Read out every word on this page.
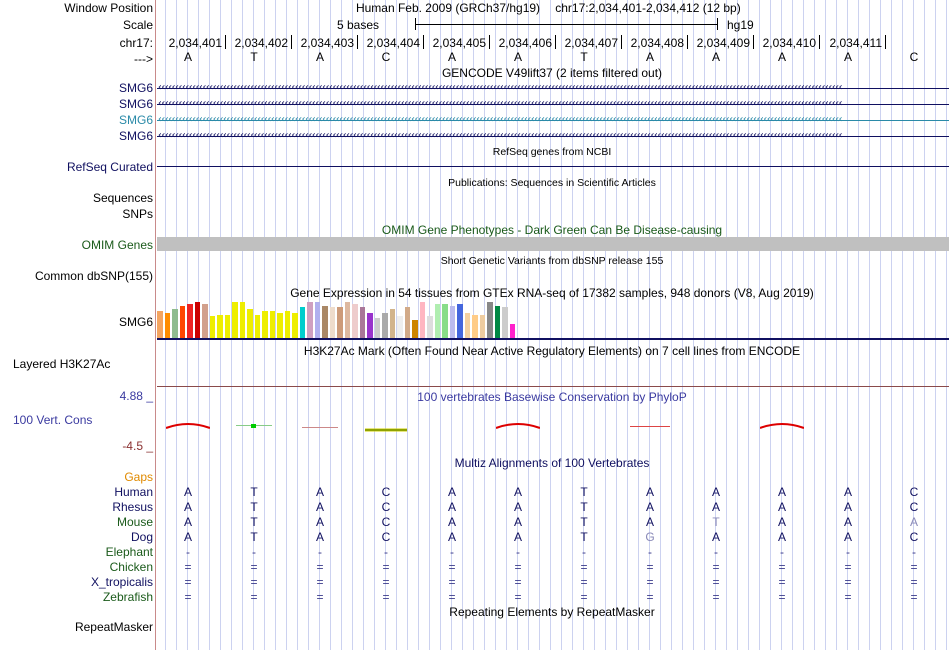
Window Position	Human Feb. 2009 (GRCh37/hg19) chr17:2,034,401-2,034,412 (12 bp)
Scale	5 bases	hg19
chr17:	2,034,401	2,034,402	2,034,403	2,034,404	2,034,405	2,034,406	2,034,407	2,034,408	2,034,409	2,034,410	2,034,411
--->	A	T	A	C	A	A	T	A	A	A	A	C
GENCODE V49lift37 (2 items filtered out)
SMG6 ‹‹‹‹‹‹‹‹‹‹‹‹‹‹‹‹‹‹‹‹‹‹‹‹‹‹‹‹‹‹‹‹‹‹‹‹‹‹‹‹‹‹‹‹‹‹‹‹‹‹‹‹‹‹‹‹‹‹‹‹‹‹‹‹‹‹‹‹‹‹‹‹‹‹‹‹‹‹‹‹‹‹‹‹‹‹‹‹‹‹‹‹‹‹‹‹‹‹‹‹‹‹‹‹‹‹‹‹‹‹‹‹‹‹‹‹‹‹‹‹‹‹‹‹‹‹‹‹‹‹‹‹‹‹‹‹‹‹‹‹‹‹‹‹‹‹‹‹‹‹‹‹‹‹‹‹‹‹‹‹‹‹‹‹‹‹‹‹‹‹‹‹‹‹‹‹‹‹‹‹‹‹‹‹‹‹‹‹‹‹‹‹‹‹‹‹‹‹‹‹
SMG6 ‹‹‹‹‹‹‹‹‹‹‹‹‹‹‹‹‹‹‹‹‹‹‹‹‹‹‹‹‹‹‹‹‹‹‹‹‹‹‹‹‹‹‹‹‹‹‹‹‹‹‹‹‹‹‹‹‹‹‹‹‹‹‹‹‹‹‹‹‹‹‹‹‹‹‹‹‹‹‹‹‹‹‹‹‹‹‹‹‹‹‹‹‹‹‹‹‹‹‹‹‹‹‹‹‹‹‹‹‹‹‹‹‹‹‹‹‹‹‹‹‹‹‹‹‹‹‹‹‹‹‹‹‹‹‹‹‹‹‹‹‹‹‹‹‹‹‹‹‹‹‹‹‹‹‹‹‹‹‹‹‹‹‹‹‹‹‹‹‹‹‹‹‹‹‹‹‹‹‹‹‹‹‹‹‹‹‹‹‹‹‹‹‹‹‹‹‹‹‹‹
SMG6 ‹‹‹‹‹‹‹‹‹‹‹‹‹‹‹‹‹‹‹‹‹‹‹‹‹‹‹‹‹‹‹‹‹‹‹‹‹‹‹‹‹‹‹‹‹‹‹‹‹‹‹‹‹‹‹‹‹‹‹‹‹‹‹‹‹‹‹‹‹‹‹‹‹‹‹‹‹‹‹‹‹‹‹‹‹‹‹‹‹‹‹‹‹‹‹‹‹‹‹‹‹‹‹‹‹‹‹‹‹‹‹‹‹‹‹‹‹‹‹‹‹‹‹‹‹‹‹‹‹‹‹‹‹‹‹‹‹‹‹‹‹‹‹‹‹‹‹‹‹‹‹‹‹‹‹‹‹‹‹‹‹‹‹‹‹‹‹‹‹‹‹‹‹‹‹‹‹‹‹‹‹‹‹‹‹‹‹‹‹‹‹‹‹‹‹‹‹‹‹‹
SMG6 ‹‹‹‹‹‹‹‹‹‹‹‹‹‹‹‹‹‹‹‹‹‹‹‹‹‹‹‹‹‹‹‹‹‹‹‹‹‹‹‹‹‹‹‹‹‹‹‹‹‹‹‹‹‹‹‹‹‹‹‹‹‹‹‹‹‹‹‹‹‹‹‹‹‹‹‹‹‹‹‹‹‹‹‹‹‹‹‹‹‹‹‹‹‹‹‹‹‹‹‹‹‹‹‹‹‹‹‹‹‹‹‹‹‹‹‹‹‹‹‹‹‹‹‹‹‹‹‹‹‹‹‹‹‹‹‹‹‹‹‹‹‹‹‹‹‹‹‹‹‹‹‹‹‹‹‹‹‹‹‹‹‹‹‹‹‹‹‹‹‹‹‹‹‹‹‹‹‹‹‹‹‹‹‹‹‹‹‹‹‹‹‹‹‹‹‹‹‹‹‹
RefSeq genes from NCBI
RefSeq Curated
Publications: Sequences in Scientific Articles
Sequences
SNPs
OMIM Gene Phenotypes - Dark Green Can Be Disease-causing
OMIM Genes
Short Genetic Variants from dbSNP release 155
Common dbSNP(155)
Gene Expression in 54 tissues from GTEx RNA-seq of 17382 samples, 948 donors (V8, Aug 2019)
SMG6
H3K27Ac Mark (Often Found Near Active Regulatory Elements) on 7 cell lines from ENCODE
Layered H3K27Ac
100 vertebrates Basewise Conservation by PhyloP
4.88 _
100 Vert. Cons
-4.5 _
Multiz Alignments of 100 Vertebrates
Gaps
Human	A	T	A	C	A	A	T	A	A	A	A	C
Rhesus	A	T	A	C	A	A	T	A	A	A	A	C
Mouse	A	T	A	C	A	A	T	A	T	A	A	A
Dog	A	T	A	C	A	A	T	G	A	A	A	C
Elephant	-	-	-	-	-	-	-	-	-	-	-	-
Chicken	=	=	=	=	=	=	=	=	=	=	=	=
X_tropicalis	=	=	=	=	=	=	=	=	=	=	=	=
Zebrafish	=	=	=	=	=	=	=	=	=	=	=	=
Repeating Elements by RepeatMasker
RepeatMasker
